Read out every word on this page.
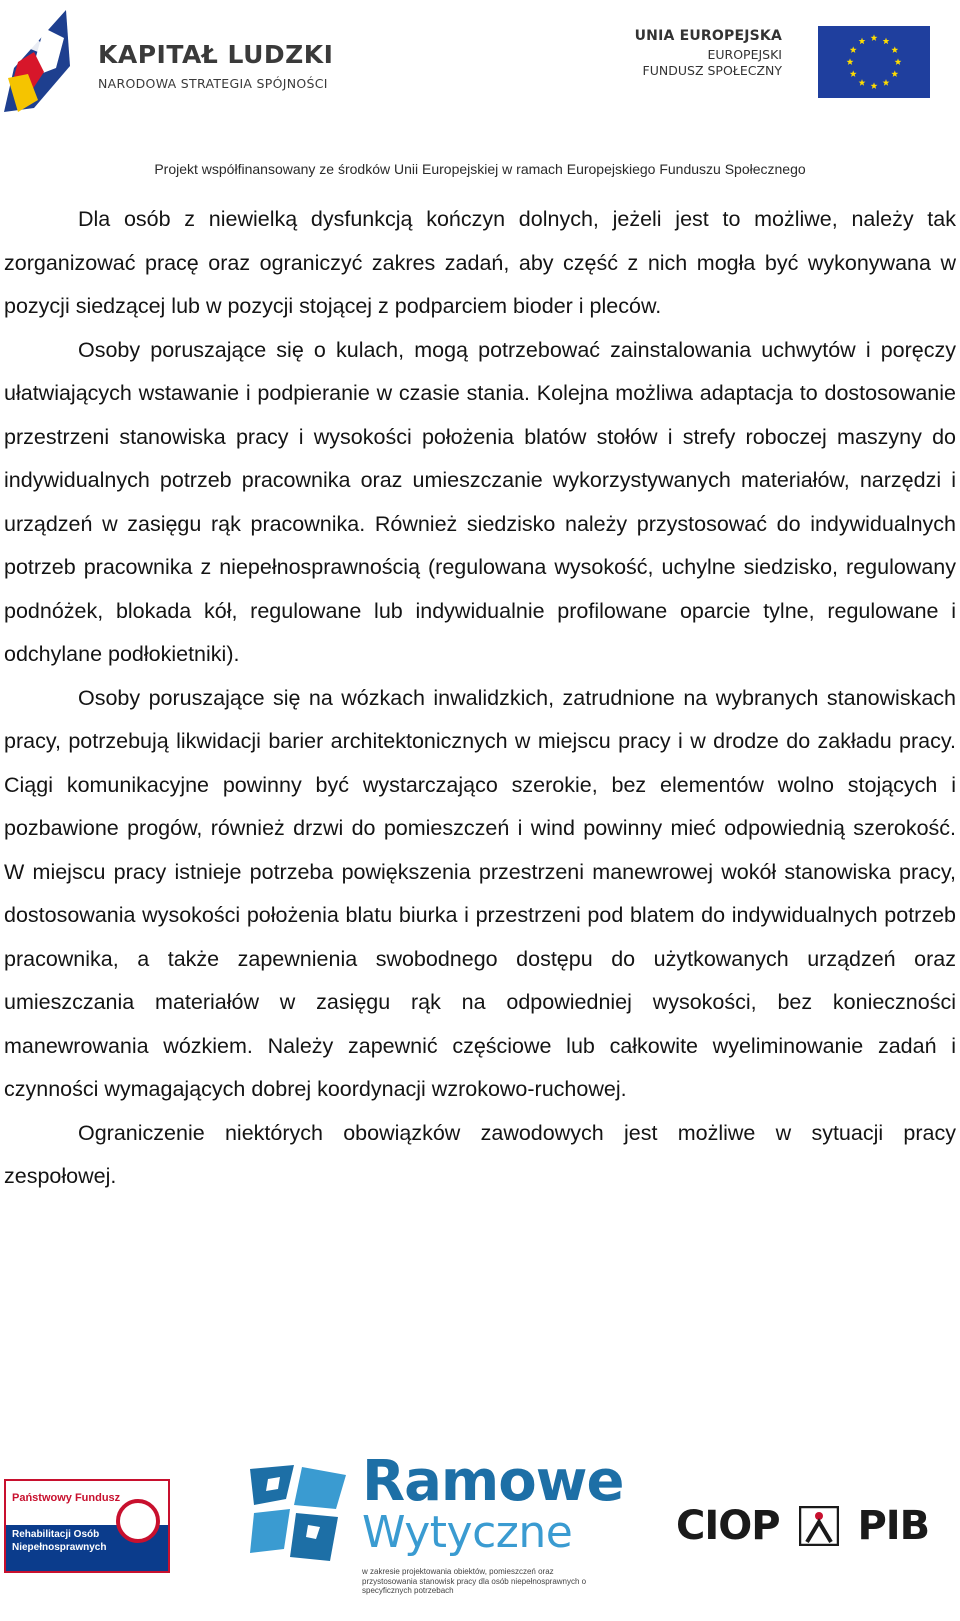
KAPITAŁ LUDZKI
NARODOWA STRATEGIA SPÓJNOŚCI
UNIA EUROPEJSKA
EUROPEJSKI
FUNDUSZ SPOŁECZNY
Projekt współfinansowany ze środków Unii Europejskiej w ramach Europejskiego Funduszu Społecznego

Dla osób z niewielką dysfunkcją kończyn dolnych, jeżeli jest to możliwe, należy tak zorganizować pracę oraz ograniczyć zakres zadań, aby część z nich mogła być wykonywana w pozycji siedzącej lub w pozycji stojącej z podparciem bioder i pleców.

Osoby poruszające się o kulach, mogą potrzebować zainstalowania uchwytów i poręczy ułatwiających wstawanie i podpieranie w czasie stania. Kolejna możliwa adaptacja to dostosowanie przestrzeni stanowiska pracy i wysokości położenia blatów stołów i strefy roboczej maszyny do indywidualnych potrzeb pracownika oraz umieszczanie wykorzystywanych materiałów, narzędzi i urządzeń w zasięgu rąk pracownika. Również siedzisko należy przystosować do indywidualnych potrzeb pracownika z niepełnosprawnością (regulowana wysokość, uchylne siedzisko, regulowany podnóżek, blokada kół, regulowane lub indywidualnie profilowane oparcie tylne, regulowane i odchylane podłokietniki).

Osoby poruszające się na wózkach inwalidzkich, zatrudnione na wybranych stanowiskach pracy, potrzebują likwidacji barier architektonicznych w miejscu pracy i w drodze do zakładu pracy. Ciągi komunikacyjne powinny być wystarczająco szerokie, bez elementów wolno stojących i pozbawione progów, również drzwi do pomieszczeń i wind powinny mieć odpowiednią szerokość. W miejscu pracy istnieje potrzeba powiększenia przestrzeni manewrowej wokół stanowiska pracy, dostosowania wysokości położenia blatu biurka i przestrzeni pod blatem do indywidualnych potrzeb pracownika, a także zapewnienia swobodnego dostępu do użytkowanych urządzeń oraz umieszczania materiałów w zasięgu rąk na odpowiedniej wysokości, bez konieczności manewrowania wózkiem. Należy zapewnić częściowe lub całkowite wyeliminowanie zadań i czynności wymagających dobrej koordynacji wzrokowo-ruchowej.

Ograniczenie niektórych obowiązków zawodowych jest możliwe w sytuacji pracy zespołowej.

Państwowy Fundusz
Rehabilitacji Osób
Niepełnosprawnych
Ramowe
Wytyczne
w zakresie projektowania obiektów, pomieszczeń oraz przystosowania stanowisk pracy dla osób niepełnosprawnych o specyficznych potrzebach
CIOP PIB
